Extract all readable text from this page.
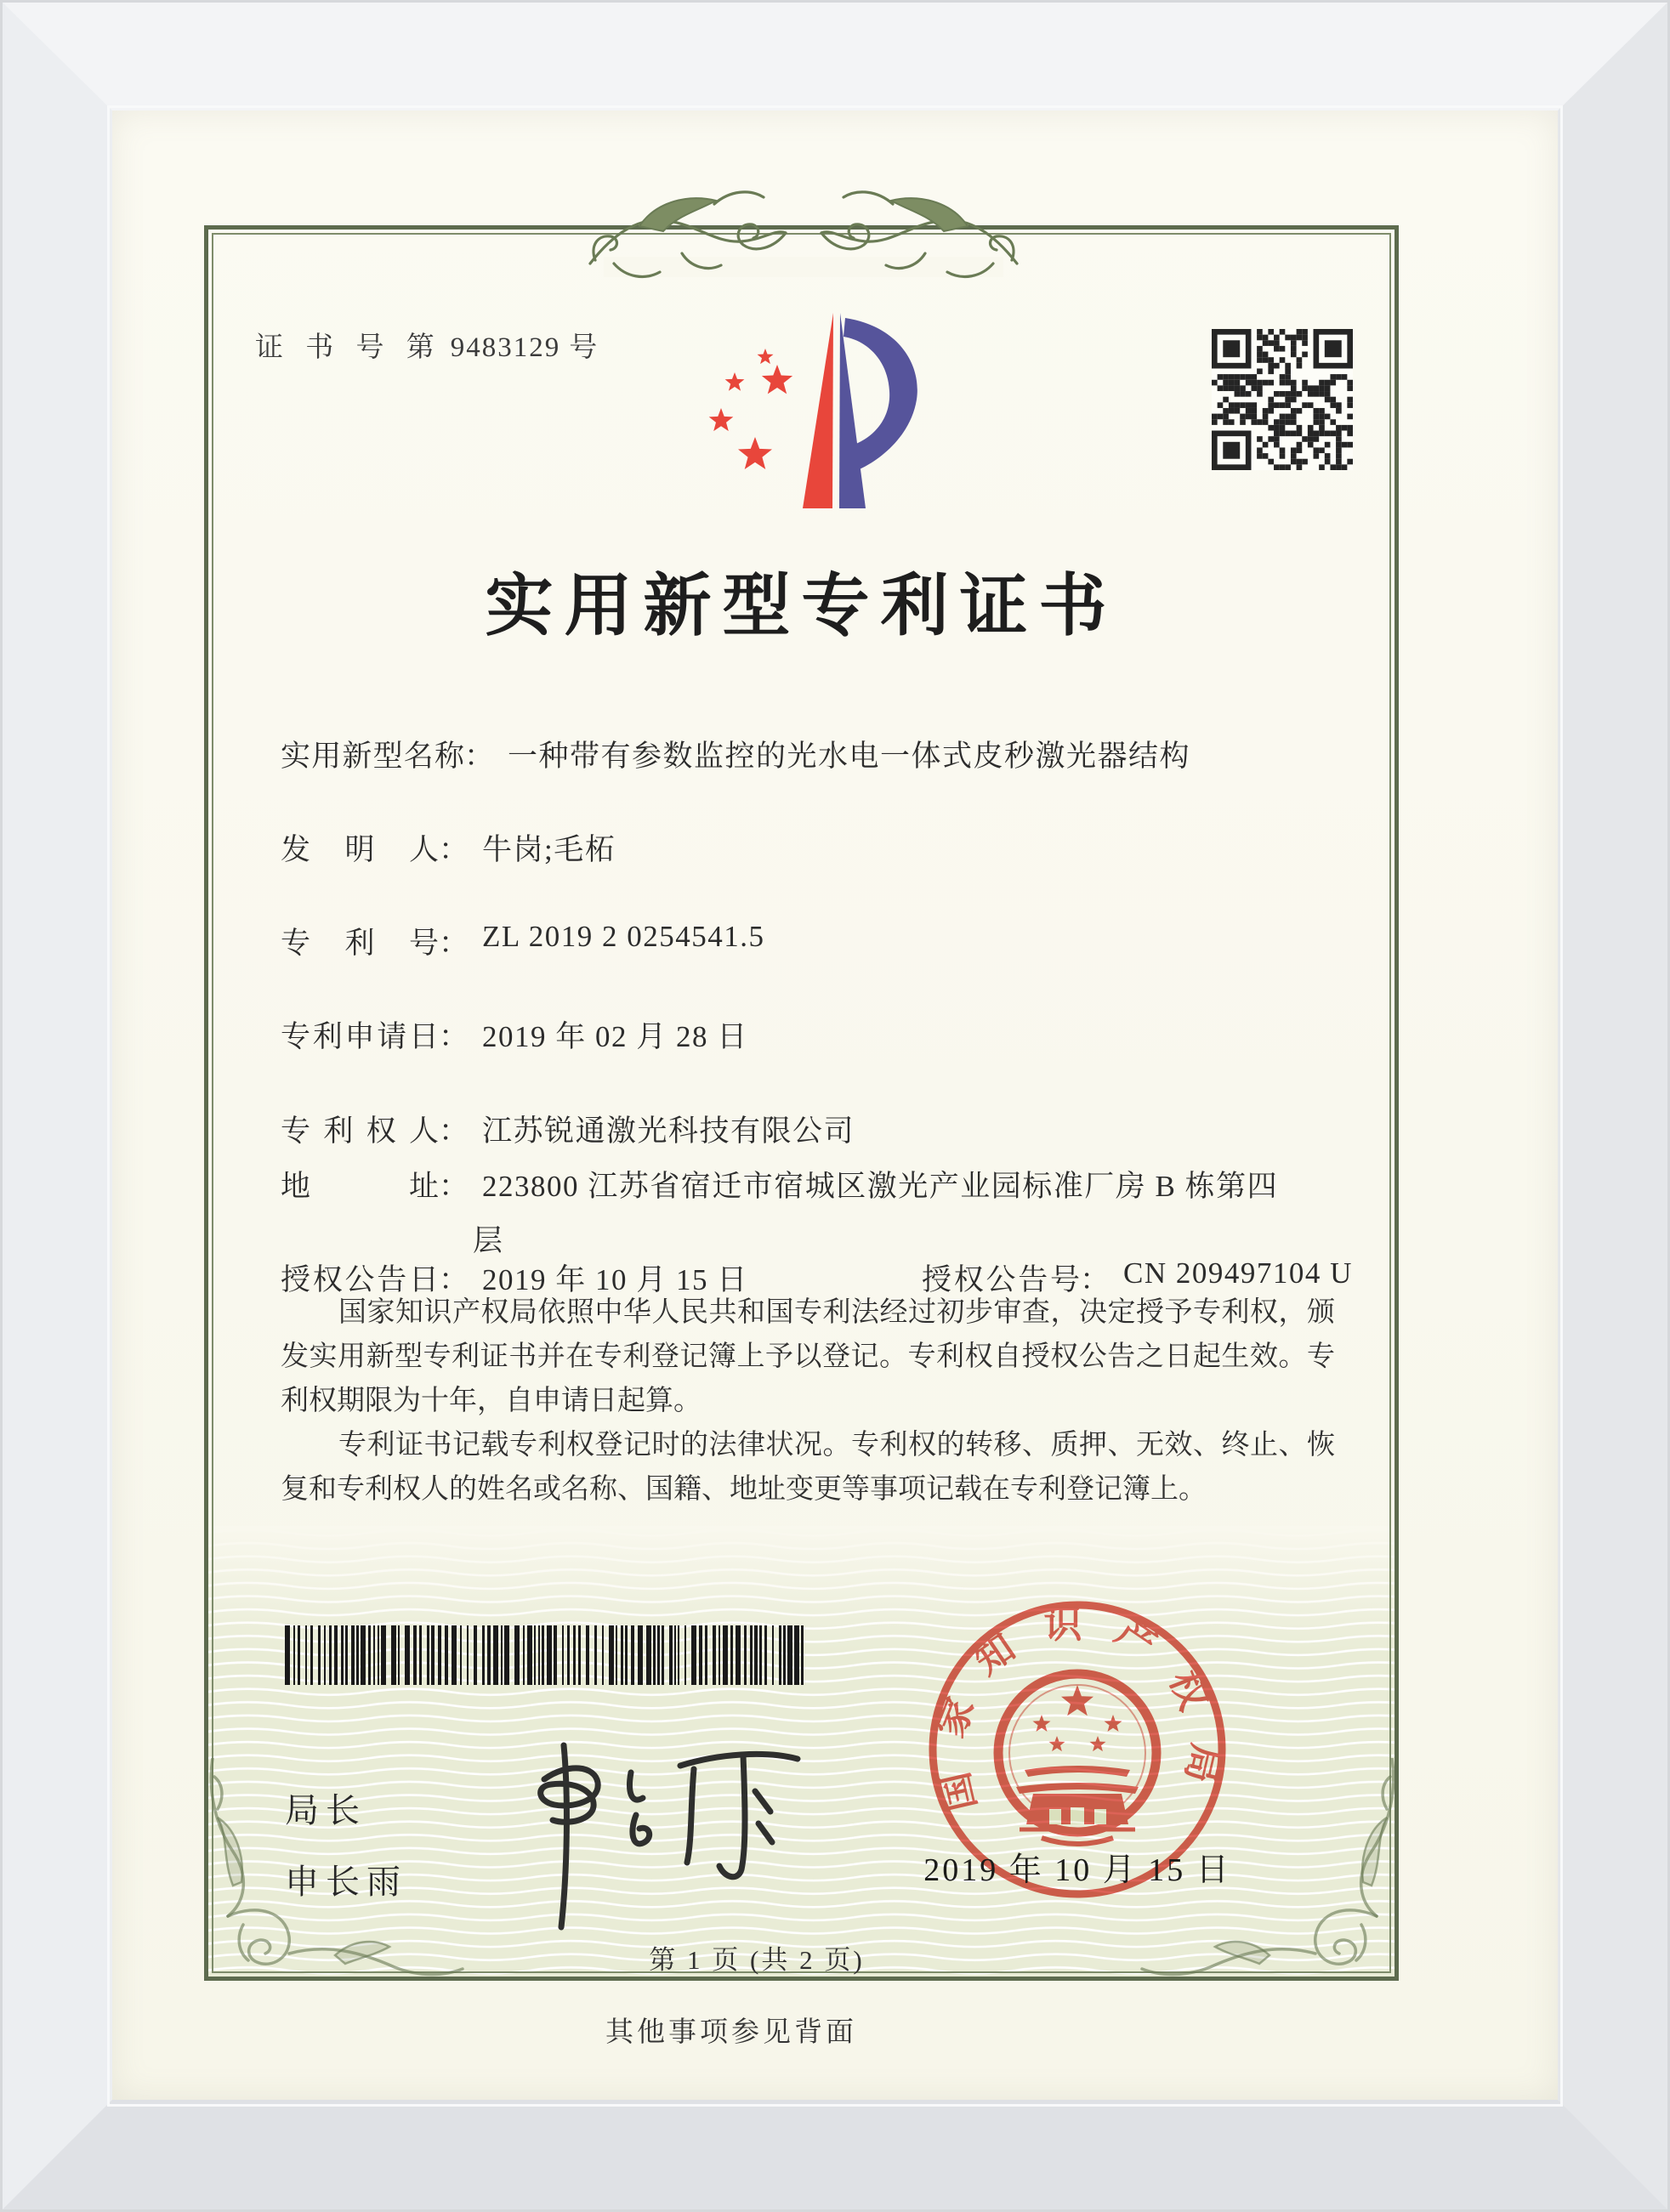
证 书 号 第 9483129 号
实用新型专利证书
实用新型名称： 一种带有参数监控的光水电一体式皮秒激光器结构
发明人： 牛岗;毛柘
专利号： ZL 2019 2 0254541.5
专利申请日： 2019 年 02 月 28 日
专利权人： 江苏锐通激光科技有限公司
地址： 223800 江苏省宿迁市宿城区激光产业园标准厂房 B 栋第四
层
授权公告日： 2019 年 10 月 15 日	授权公告号： CN 209497104 U

国家知识产权局依照中华人民共和国专利法经过初步审查，决定授予专利权，颁发实用新型专利证书并在专利登记簿上予以登记。专利权自授权公告之日起生效。专利权期限为十年，自申请日起算。

专利证书记载专利权登记时的法律状况。专利权的转移、质押、无效、终止、恢复和专利权人的姓名或名称、国籍、地址变更等事项记载在专利登记簿上。

局长
申长雨
国家知识产权局
2019 年 10 月 15 日
第 1 页 (共 2 页)
其他事项参见背面
